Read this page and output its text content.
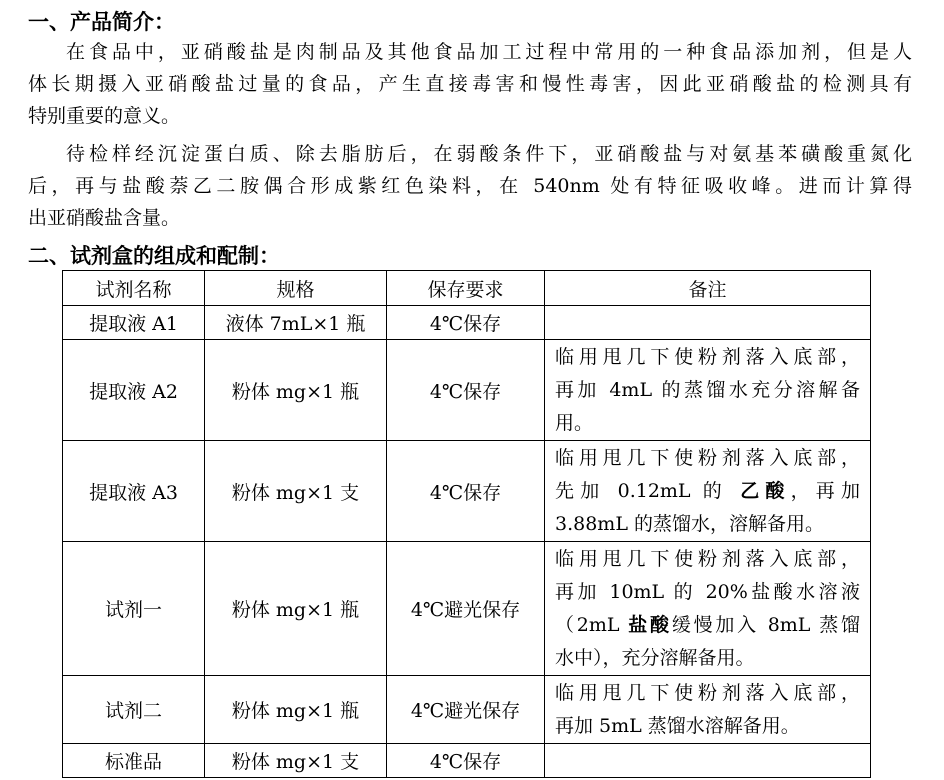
一、产品简介：
在食品中，亚硝酸盐是肉制品及其他食品加工过程中常用的一种食品添加剂，但是人
体长期摄入亚硝酸盐过量的食品，产生直接毒害和慢性毒害，因此亚硝酸盐的检测具有
特别重要的意义。
待检样经沉淀蛋白质、除去脂肪后，在弱酸条件下，亚硝酸盐与对氨基苯磺酸重氮化
后，再与盐酸萘乙二胺偶合形成紫红色染料，在 540nm 处有特征吸收峰。进而计算得
出亚硝酸盐含量。
二、试剂盒的组成和配制：
试剂名称	规格	保存要求	备注
提取液 A1	液体 7mL×1 瓶	4℃保存	
提取液 A2	粉体 mg×1 瓶	4℃保存	临用甩几下使粉剂落入底部，
再加 4mL 的蒸馏水充分溶解备
用。

提取液 A3	粉体 mg×1 支	4℃保存	临用甩几下使粉剂落入底部，
先加 0.12mL 的 乙酸，再加
3.88mL 的蒸馏水，溶解备用。

试剂一	粉体 mg×1 瓶	4℃避光保存	临用甩几下使粉剂落入底部，
再加 10mL 的 20%盐酸水溶液
（2mL 盐酸缓慢加入 8mL 蒸馏
水中），充分溶解备用。

试剂二	粉体 mg×1 瓶	4℃避光保存	临用甩几下使粉剂落入底部，
再加 5mL 蒸馏水溶解备用。

标准品	粉体 mg×1 支	4℃保存	
